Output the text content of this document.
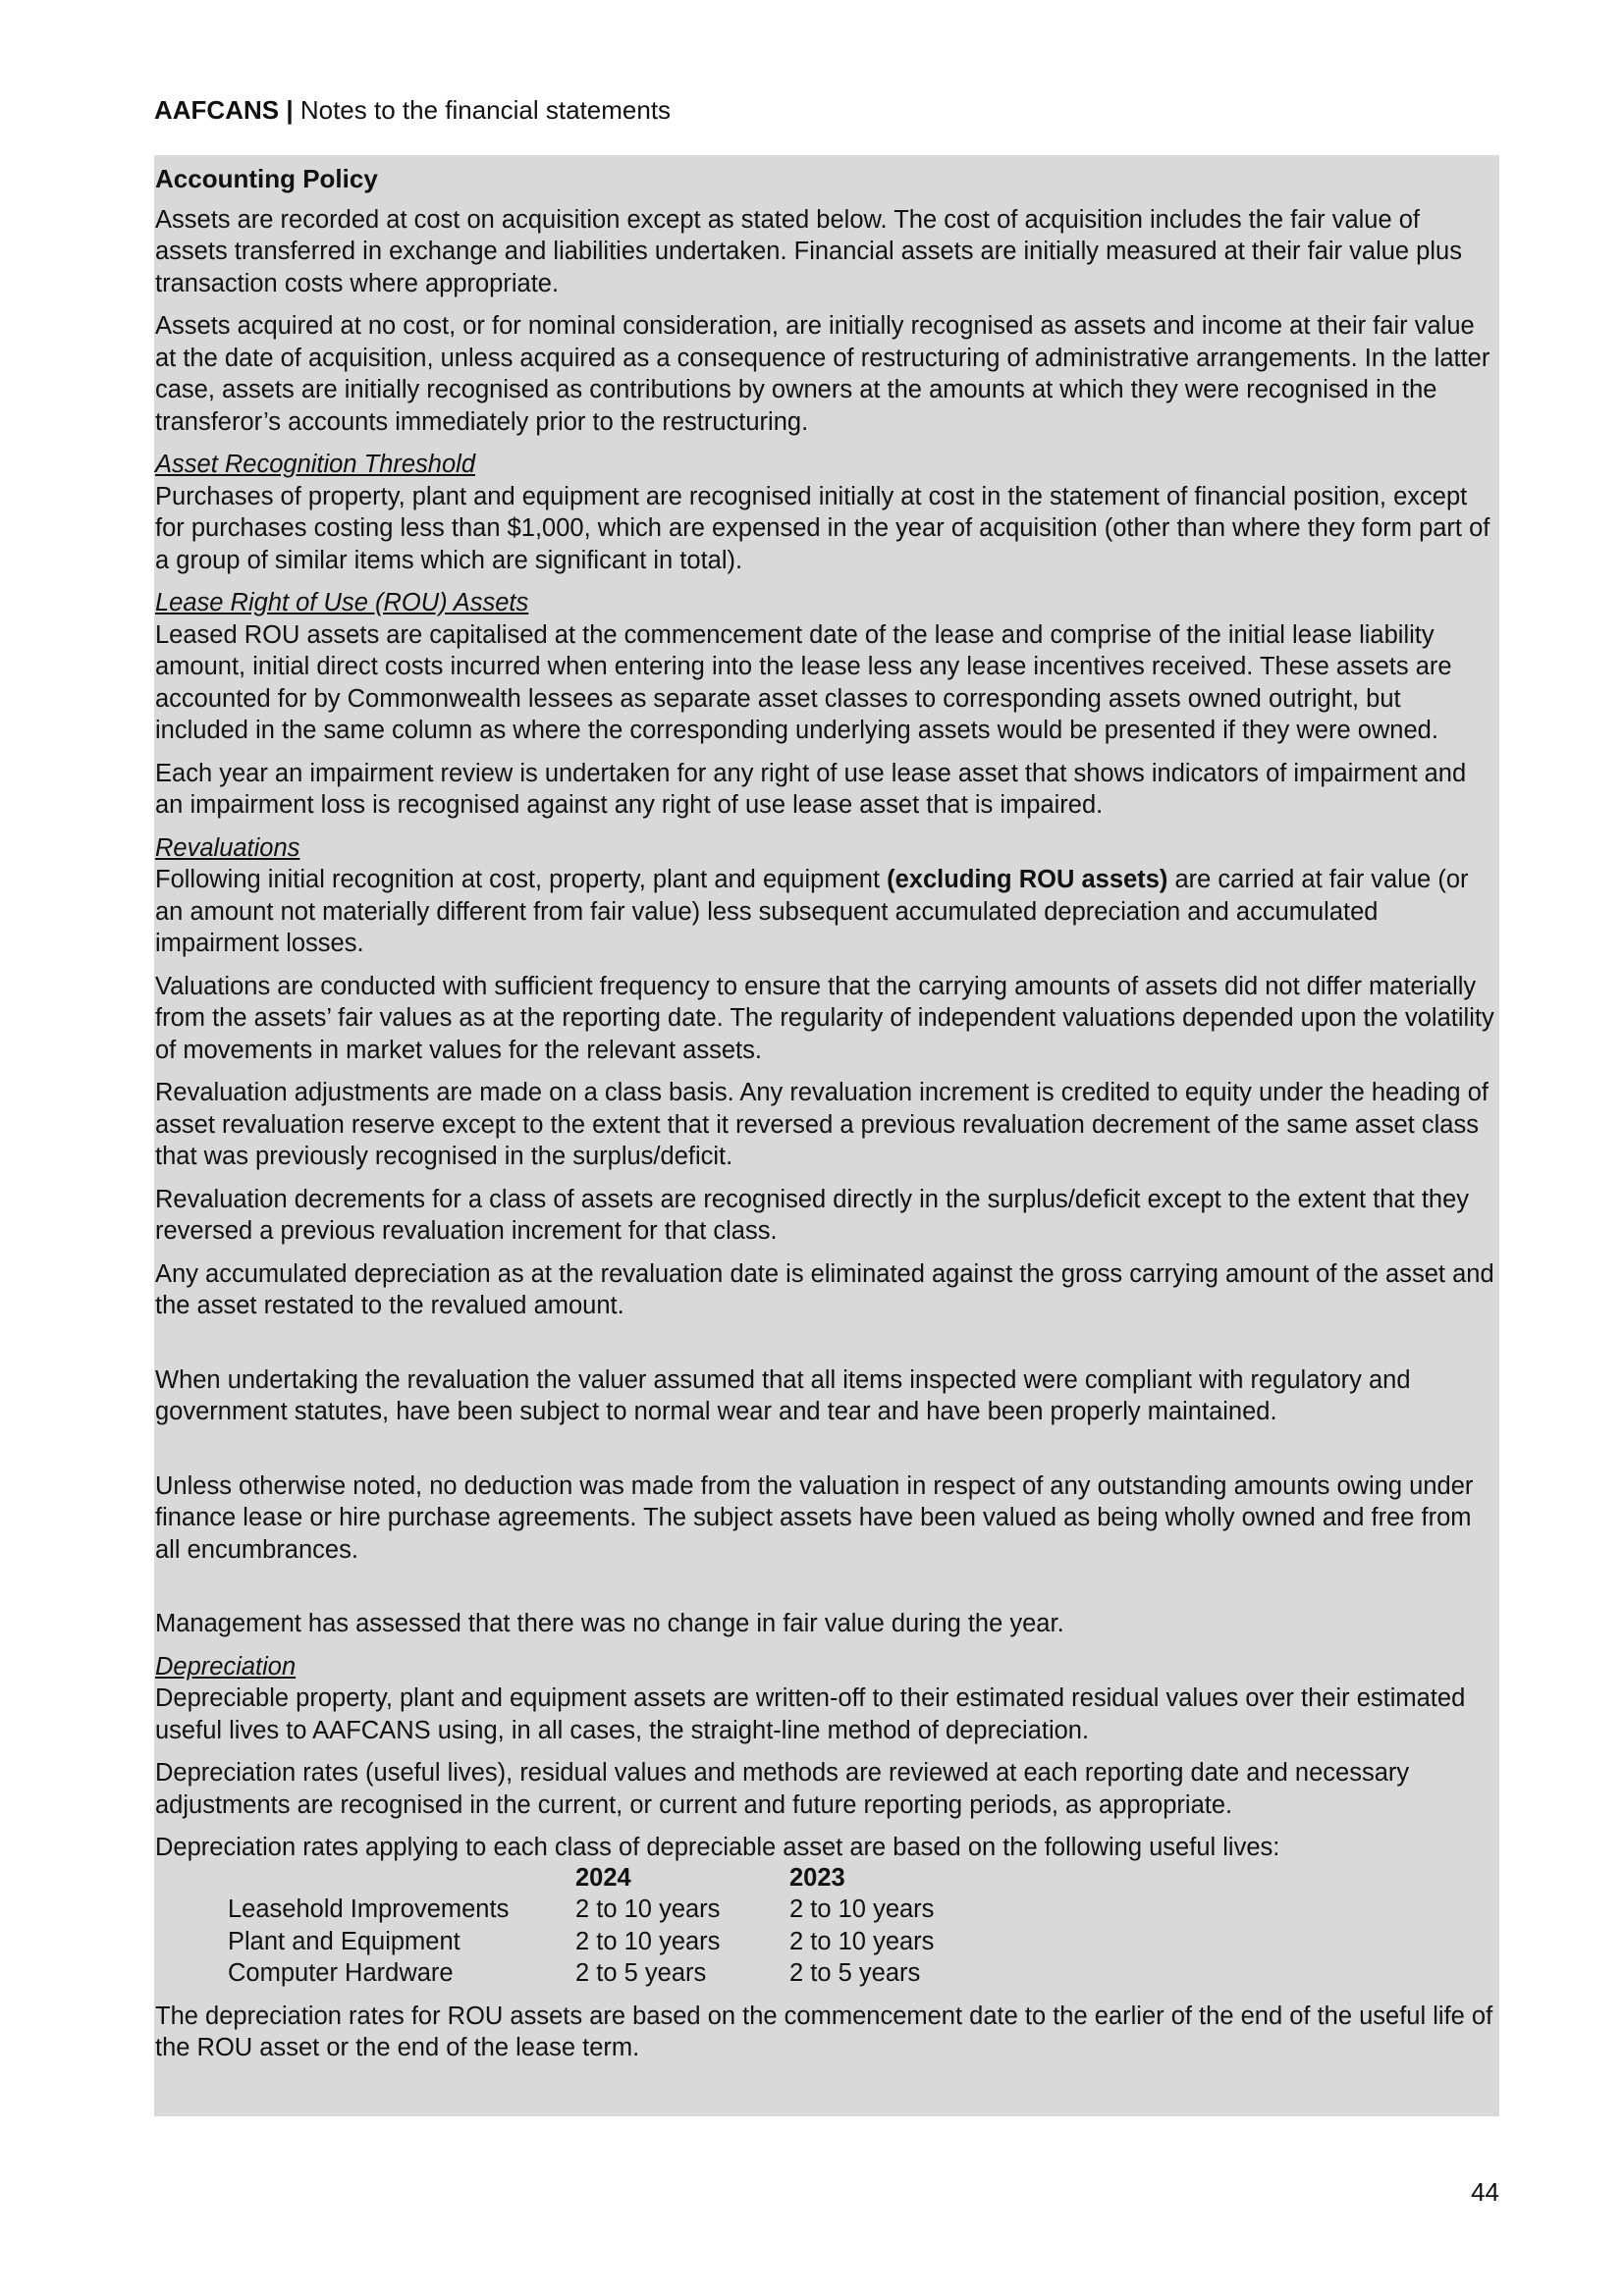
AAFCANS | Notes to the financial statements

Accounting Policy

Assets are recorded at cost on acquisition except as stated below. The cost of acquisition includes the fair value of assets transferred in exchange and liabilities undertaken. Financial assets are initially measured at their fair value plus transaction costs where appropriate.

Assets acquired at no cost, or for nominal consideration, are initially recognised as assets and income at their fair value at the date of acquisition, unless acquired as a consequence of restructuring of administrative arrangements. In the latter case, assets are initially recognised as contributions by owners at the amounts at which they were recognised in the transferor’s accounts immediately prior to the restructuring.

Asset Recognition Threshold

Purchases of property, plant and equipment are recognised initially at cost in the statement of financial position, except for purchases costing less than $1,000, which are expensed in the year of acquisition (other than where they form part of a group of similar items which are significant in total).

Lease Right of Use (ROU) Assets

Leased ROU assets are capitalised at the commencement date of the lease and comprise of the initial lease liability amount, initial direct costs incurred when entering into the lease less any lease incentives received. These assets are accounted for by Commonwealth lessees as separate asset classes to corresponding assets owned outright, but included in the same column as where the corresponding underlying assets would be presented if they were owned.

Each year an impairment review is undertaken for any right of use lease asset that shows indicators of impairment and an impairment loss is recognised against any right of use lease asset that is impaired.

Revaluations

Following initial recognition at cost, property, plant and equipment (excluding ROU assets) are carried at fair value (or an amount not materially different from fair value) less subsequent accumulated depreciation and accumulated impairment losses.

Valuations are conducted with sufficient frequency to ensure that the carrying amounts of assets did not differ materially from the assets’ fair values as at the reporting date. The regularity of independent valuations depended upon the volatility of movements in market values for the relevant assets.

Revaluation adjustments are made on a class basis. Any revaluation increment is credited to equity under the heading of asset revaluation reserve except to the extent that it reversed a previous revaluation decrement of the same asset class that was previously recognised in the surplus/deficit.

Revaluation decrements for a class of assets are recognised directly in the surplus/deficit except to the extent that they reversed a previous revaluation increment for that class.

Any accumulated depreciation as at the revaluation date is eliminated against the gross carrying amount of the asset and the asset restated to the revalued amount.

When undertaking the revaluation the valuer assumed that all items inspected were compliant with regulatory and government statutes, have been subject to normal wear and tear and have been properly maintained.

Unless otherwise noted, no deduction was made from the valuation in respect of any outstanding amounts owing under finance lease or hire purchase agreements. The subject assets have been valued as being wholly owned and free from all encumbrances.

Management has assessed that there was no change in fair value during the year.

Depreciation

Depreciable property, plant and equipment assets are written-off to their estimated residual values over their estimated useful lives to AAFCANS using, in all cases, the straight-line method of depreciation.

Depreciation rates (useful lives), residual values and methods are reviewed at each reporting date and necessary adjustments are recognised in the current, or current and future reporting periods, as appropriate.

Depreciation rates applying to each class of depreciable asset are based on the following useful lives:

	2024	2023
Leasehold Improvements	2 to 10 years	2 to 10 years
Plant and Equipment	2 to 10 years	2 to 10 years
Computer Hardware	2 to 5 years	2 to 5 years

The depreciation rates for ROU assets are based on the commencement date to the earlier of the end of the useful life of the ROU asset or the end of the lease term.

44
